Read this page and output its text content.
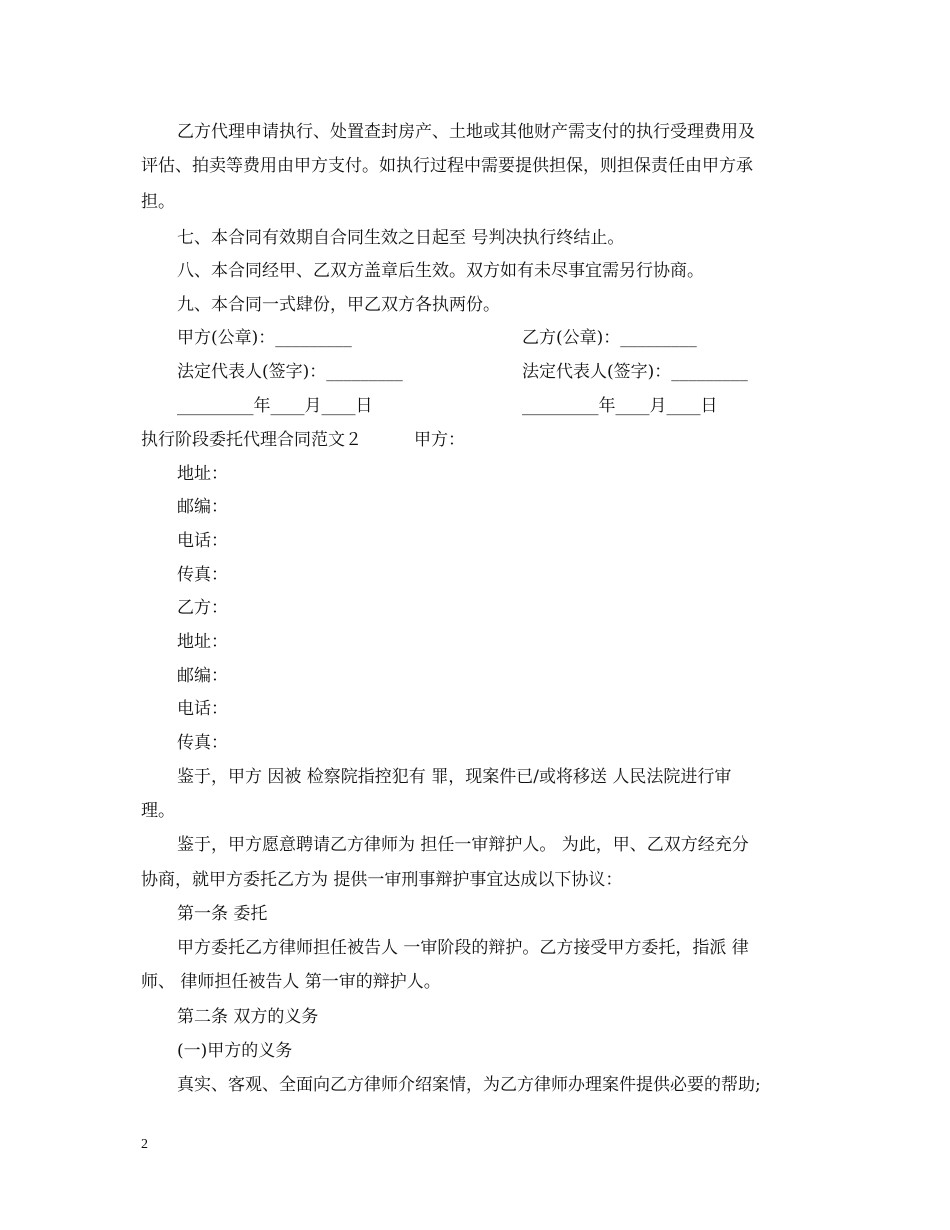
乙方代理申请执行、处置查封房产、土地或其他财产需支付的执行受理费用及
评估、拍卖等费用由甲方支付。如执行过程中需要提供担保，则担保责任由甲方承
担。
七、本合同有效期自合同生效之日起至 号判决执行终结止。
八、本合同经甲、乙双方盖章后生效。双方如有未尽事宜需另行协商。
九、本合同一式肆份，甲乙双方各执两份。
甲方(公章)：_________	乙方(公章)：_________
法定代表人(签字)：_________	法定代表人(签字)：_________
_________年____月____日	_________年____月____日
执行阶段委托代理合同范文２	甲方：
地址：
邮编：
电话：
传真：
乙方：
地址：
邮编：
电话：
传真：
鉴于，甲方 因被 检察院指控犯有 罪，现案件已/或将移送 人民法院进行审
理。
鉴于，甲方愿意聘请乙方律师为 担任一审辩护人。 为此，甲、乙双方经充分
协商，就甲方委托乙方为 提供一审刑事辩护事宜达成以下协议：
第一条 委托
甲方委托乙方律师担任被告人 一审阶段的辩护。乙方接受甲方委托，指派 律
师、 律师担任被告人 第一审的辩护人。
第二条 双方的义务
(一)甲方的义务
真实、客观、全面向乙方律师介绍案情，为乙方律师办理案件提供必要的帮助;
2
